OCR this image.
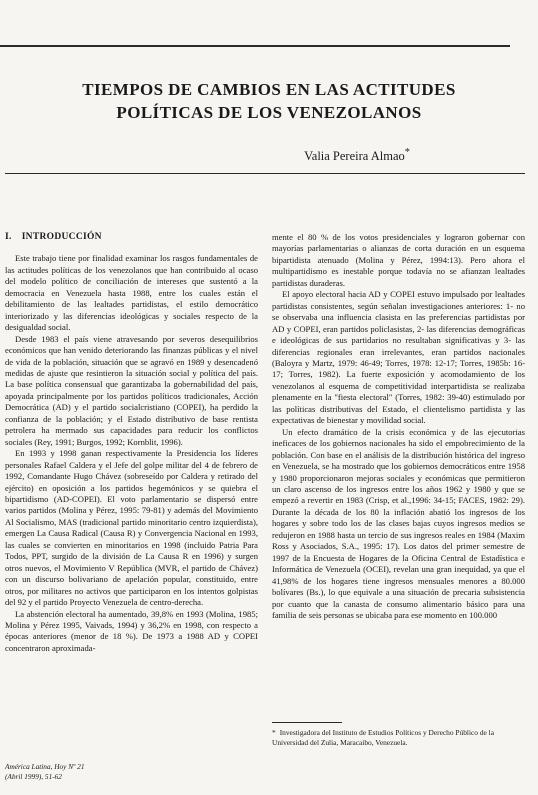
TIEMPOS DE CAMBIOS EN LAS ACTITUDES
POLÍTICAS DE LOS VENEZOLANOS
Valia Pereira Almao*
I. INTRODUCCIÓN

Este trabajo tiene por finalidad examinar los rasgos fundamentales de las actitudes políticas de los venezolanos que han contribuido al ocaso del modelo político de conciliación de intereses que sustentó a la democracia en Venezuela hasta 1988, entre los cuales están el debilitamiento de las lealtades partidistas, el estilo democrático interiorizado y las diferencias ideológicas y sociales respecto de la desigualdad social.

Desde 1983 el país viene atravesando por severos desequilibrios económicos que han venido deteriorando las finanzas públicas y el nivel de vida de la población, situación que se agravó en 1989 y desencadenó medidas de ajuste que resintieron la situación social y política del país. La base política consensual que garantizaba la gobernabilidad del país, apoyada principalmente por los partidos políticos tradicionales, Acción Democrática (AD) y el partido socialcristiano (COPEI), ha perdido la confianza de la población; y el Estado distributivo de base rentista petrolera ha mermado sus capacidades para reducir los conflictos sociales (Rey, 1991; Burgos, 1992; Kornblit, 1996).

En 1993 y 1998 ganan respectivamente la Presidencia los líderes personales Rafael Caldera y el Jefe del golpe militar del 4 de febrero de 1992, Comandante Hugo Chávez (sobreseído por Caldera y retirado del ejército) en oposición a los partidos hegemónicos y se quiebra el bipartidismo (AD-COPEI). El voto parlamentario se dispersó entre varios partidos (Molina y Pérez, 1995: 79-81) y además del Movimiento Al Socialismo, MAS (tradicional partido minoritario centro izquierdista), emergen La Causa Radical (Causa R) y Convergencia Nacional en 1993, las cuales se convierten en minoritarios en 1998 (incluido Patria Para Todos, PPT, surgido de la división de La Causa R en 1996) y surgen otros nuevos, el Movimiento V República (MVR, el partido de Chávez) con un discurso bolivariano de apelación popular, constituido, entre otros, por militares no activos que participaron en los intentos golpistas del 92 y el partido Proyecto Venezuela de centro-derecha.

La abstención electoral ha aumentado, 39,8% en 1993 (Molina, 1985; Molina y Pérez 1995, Vaivads, 1994) y 36,2% en 1998, con respecto a épocas anteriores (menor de 18 %). De 1973 a 1988 AD y COPEI concentraron aproximada-

mente el 80 % de los votos presidenciales y lograron gobernar con mayorías parlamentarias o alianzas de corta duración en un esquema bipartidista atenuado (Molina y Pérez, 1994:13). Pero ahora el multipartidismo es inestable porque todavía no se afianzan lealtades partidistas duraderas.

El apoyo electoral hacia AD y COPEI estuvo impulsado por lealtades partidistas consistentes, según señalan investigaciones anteriores: 1- no se observaba una influencia clasista en las preferencias partidistas por AD y COPEI, eran partidos policlasistas, 2- las diferencias demográficas e ideológicas de sus partidarios no resultaban significativas y 3- las diferencias regionales eran irrelevantes, eran partidos nacionales (Baloyra y Martz, 1979: 46-49; Torres, 1978: 12-17; Torres, 1985b: 16-17; Torres, 1982). La fuerte exposición y acomodamiento de los venezolanos al esquema de competitividad interpartidista se realizaba plenamente en la "fiesta electoral" (Torres, 1982: 39-40) estimulado por las políticas distributivas del Estado, el clientelismo partidista y las expectativas de bienestar y movilidad social.

Un efecto dramático de la crisis económica y de las ejecutorias ineficaces de los gobiernos nacionales ha sido el empobrecimiento de la población. Con base en el análisis de la distribución histórica del ingreso en Venezuela, se ha mostrado que los gobiernos democráticos entre 1958 y 1980 proporcionaron mejoras sociales y económicas que permitieron un claro ascenso de los ingresos entre los años 1962 y 1980 y que se empezó a revertir en 1983 (Crisp, et al.,1996: 34-15; FACES, 1982: 29). Durante la década de los 80 la inflación abatió los ingresos de los hogares y sobre todo los de las clases bajas cuyos ingresos medios se redujeron en 1988 hasta un tercio de sus ingresos reales en 1984 (Maxim Ross y Asociados, S.A., 1995: 17). Los datos del primer semestre de 1997 de la Encuesta de Hogares de la Oficina Central de Estadística e Informática de Venezuela (OCEI), revelan una gran inequidad, ya que el 41,98% de los hogares tiene ingresos mensuales menores a 80.000 bolívares (Bs.), lo que equivale a una situación de precaria subsistencia por cuanto que la canasta de consumo alimentario básico para una familia de seis personas se ubicaba para ese momento en 100.000

* Investigadora del Instituto de Estudios Políticos y Derecho Público de la Universidad del Zulia, Maracaibo, Venezuela.
América Latina, Hoy Nº 21
(Abril 1999), 51-62
